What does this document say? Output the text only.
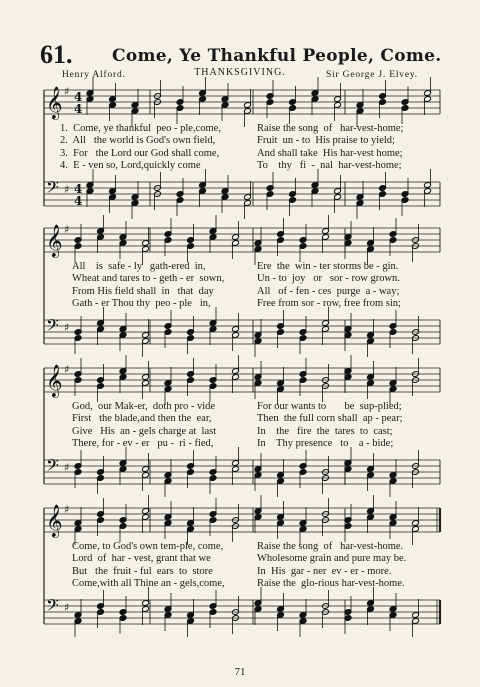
61. Come, Ye Thankful People, Come.
THANKSGIVING.
Henry Alford.	Sir George J. Elvey.
𝄞 ♯ 4
4
𝄢 ♯ 4
4
𝄞 ♯
𝄢 ♯
𝄞 ♯
𝄢 ♯
𝄞 ♯
𝄢 ♯
1.  Come, ye thankful  peo - ple,come,
2.  All   the world is God's own field,
3.  For   the Lord our God shall come,
4.  E - ven so, Lord,quickly come
Raise the song  of   har-vest-home;
Fruit  un - to  His praise to yield;
And shall take  His har-vest home;
To    thy   fi  -  nal  har-vest-home;
All    is  safe - ly   gath-ered  in,
Wheat and tares to - geth - er  sown,
From His field shall  in   that  day
Gath - er Thou thy  peo - ple   in,
Ere  the  win - ter storms be - gin.
Un - to  joy   or   sor - row grown.
All   of - fen - ces  purge  a - way;
Free from sor - row, free from sin;
God,  our Mak-er,  doth pro - vide
First   the blade,and then the  ear,
Give   His  an - gels charge at  last
There, for - ev - er   pu -  ri - fied,
For our wants to       be  sup-plied;
Then  the full corn shall  ap - pear;
In    the   fire  the  tares  to  cast;
In    Thy presence   to    a - bide;
Come, to God's own tem-ple, come,
Lord  of  har - vest, grant that we
But   the  fruit - ful  ears  to  store
Come,with all Thine an - gels,come,
Raise the song  of   har-vest-home.
Wholesome grain and pure may be.
In  His  gar - ner  ev - er - more.
Raise the  glo-rious har-vest-home.
71
